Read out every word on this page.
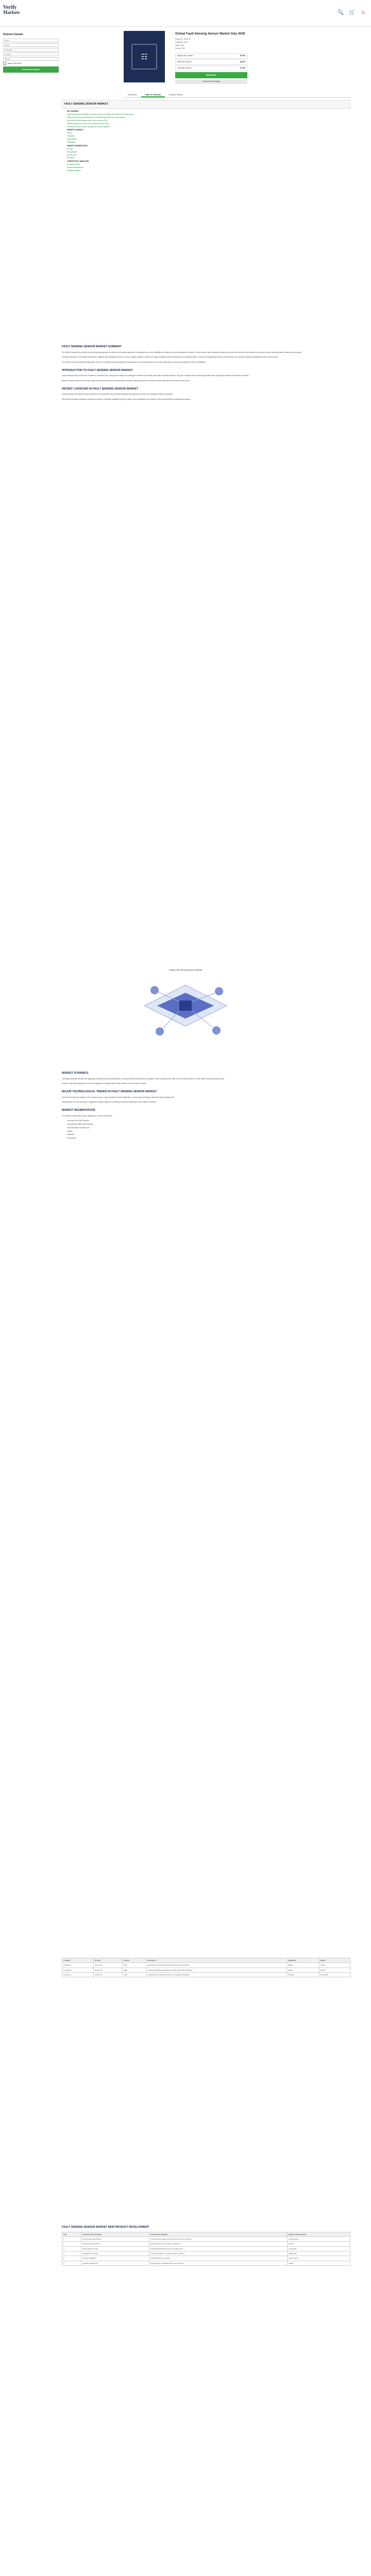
Verify
Markets	🔍 🛒 ☺
Request Sample
Name
Email
Company
Country
Phone
I agree to the terms
Download Sample
☷
Global Fault Sensing Sensor Market Size 2030
Report ID: 1002754
Published: 2024
Pages: 150
Format: PDF
Single User License	$3,450
Multi User License	$5,600
Corporate License	$7,800
Buy Now
Inquiry Before Buying
Description	Table of Contents	Request Sample
FAULT SENSING SENSOR MARKET
KEY FINDINGS
Fault Sensing Sensor Market is expected to grow at a steady rate during the forecast period
Rising demand for grid reliability and smart distribution networks drives adoption
Asia Pacific held the largest share of the market in 2023
Utilities segment accounted for the highest revenue share
Overhead line fault sensors dominate the product segment
MARKET DYNAMICS
Drivers
Restraints
Opportunities
Challenges
MARKET SEGMENTATION
By Type
By Application
By End User
By Region
COMPETITIVE LANDSCAPE
Company Profiles
Recent Developments
Strategic Initiatives
FAULT SENSING SENSOR MARKET SUMMARY

The Fault Sensing Sensor market is witnessing steady growth as utilities and industrial operators increasingly focus on the reliability and resilience of power distribution networks. These sensors detect abnormal conditions such as short circuits, earth faults and overcurrent events, enabling faster isolation and restoration.

Growing investment in smart grid infrastructure, together with regulatory pressure to reduce outage durations, continues to support adoption across developed and emerging regions. Vendors are integrating wireless communication and remote monitoring capabilities into their product lines.

The market remains moderately fragmented, with a mix of global electrical equipment manufacturers and specialized sensor providers competing on accuracy, durability and ease of installation.

INTRODUCTION TO FAULT SENSING SENSOR MARKET

Fault sensing sensors are devices installed on overhead lines, underground cables and switchgear to detect and indicate the location of electrical faults. They play a critical role in minimizing downtime and improving the safety of distribution networks.

Modern devices combine current and voltage sensing with low-power communication modules, allowing operators to receive real-time fault alerts at a central control room.

RECENT LAUNCHES IN FAULT SENSING SENSOR MARKET

Several leading manufacturers have introduced next-generation fault indicators featuring self-powered operation and integrated cellular connectivity.

New product releases emphasize compact form factors, simplified installation using hot sticks, and compatibility with existing SCADA and distribution management systems.

Global Fault Sensing Sensor Market
MARKET DYNAMICS

Increasing electricity demand and aging grid infrastructure are pushing utilities to deploy advanced monitoring technologies. Fault sensing sensors help reduce the time needed to locate faults, lowering operating costs.

However, high initial deployment costs and integration complexity may restrain growth in price-sensitive markets.

MAJOR TECHNOLOGICAL TRENDS IN FAULT SENSING SENSOR MARKET

Key trends include the adoption of IoT-enabled sensors, edge analytics for fault classification, and energy harvesting to eliminate battery replacement.

Manufacturers are also focusing on ruggedized designs capable of operating in extreme temperature and humidity conditions.

MARKET SEGMENTATION

The market is segmented by type, application, end user and region.

Overhead Line Fault Sensors
Underground Cable Fault Sensors
Panel Mounted Fault Sensors
Utilities
Industrial
Commercial
Company	Product	Launch	Description	Application	Region
Company A	Sensor X1	2023	Self-powered overhead line fault indicator with wireless alerts	Utilities	Global
Company B	Sensor Y2	2023	Underground cable fault detection module with SCADA integration	Utilities	Europe
Company C	Sensor Z3	2024	Compact panel mounted fault sensor for industrial switchgear	Industrial	Asia Pacific
FAULT SENSING SENSOR MARKET NEW PRODUCT DEVELOPMENT
S No	Overview of Development	Development Detailing	Region of Development
1	New wireless fault indicator	Introduced long-range communication for remote monitoring	North America
2	Energy harvesting sensor	Eliminates the need for battery replacement	Europe
3	Edge analytics module	Classifies faults locally before transmitting data	Asia Pacific
4	Ruggedized enclosure	Improved durability in extreme weather conditions	Middle East
5	Hot-stick installation	Simplified live line mounting	Latin America
6	SCADA integration kit	Plug-and-play compatibility with control systems	Global
